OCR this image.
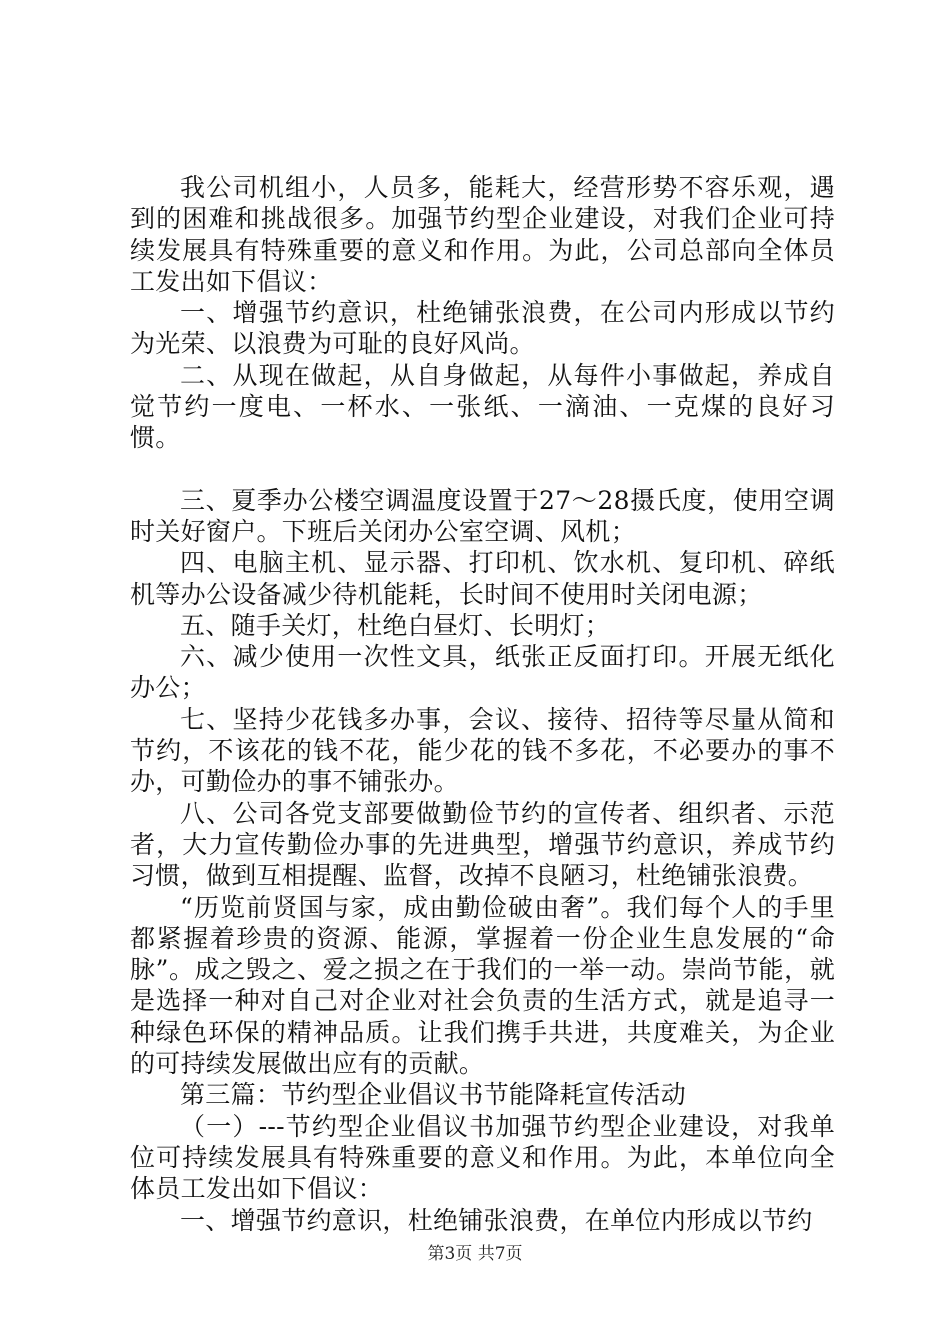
我公司机组小，人员多，能耗大，经营形势不容乐观，遇到的困难和挑战很多。加强节约型企业建设，对我们企业可持续发展具有特殊重要的意义和作用。为此，公司总部向全体员工发出如下倡议：

一、增强节约意识，杜绝铺张浪费，在公司内形成以节约为光荣、以浪费为可耻的良好风尚。

二、从现在做起，从自身做起，从每件小事做起，养成自觉节约一度电、一杯水、一张纸、一滴油、一克煤的良好习惯。

三、夏季办公楼空调温度设置于27～28摄氏度，使用空调时关好窗户。下班后关闭办公室空调、风机；

四、电脑主机、显示器、打印机、饮水机、复印机、碎纸机等办公设备减少待机能耗，长时间不使用时关闭电源；

五、随手关灯，杜绝白昼灯、长明灯；

六、减少使用一次性文具，纸张正反面打印。开展无纸化办公；

七、坚持少花钱多办事，会议、接待、招待等尽量从简和节约，不该花的钱不花，能少花的钱不多花，不必要办的事不办，可勤俭办的事不铺张办。

八、公司各党支部要做勤俭节约的宣传者、组织者、示范者，大力宣传勤俭办事的先进典型，增强节约意识，养成节约习惯，做到互相提醒、监督，改掉不良陋习，杜绝铺张浪费。

“历览前贤国与家，成由勤俭破由奢”。我们每个人的手里都紧握着珍贵的资源、能源，掌握着一份企业生息发展的“命脉”。成之毁之、爱之损之在于我们的一举一动。崇尚节能，就是选择一种对自己对企业对社会负责的生活方式，就是追寻一种绿色环保的精神品质。让我们携手共进，共度难关，为企业的可持续发展做出应有的贡献。

第三篇：节约型企业倡议书节能降耗宣传活动

（一）---节约型企业倡议书加强节约型企业建设，对我单位可持续发展具有特殊重要的意义和作用。为此，本单位向全体员工发出如下倡议：

一、增强节约意识，杜绝铺张浪费，在单位内形成以节约

第3页 共7页
